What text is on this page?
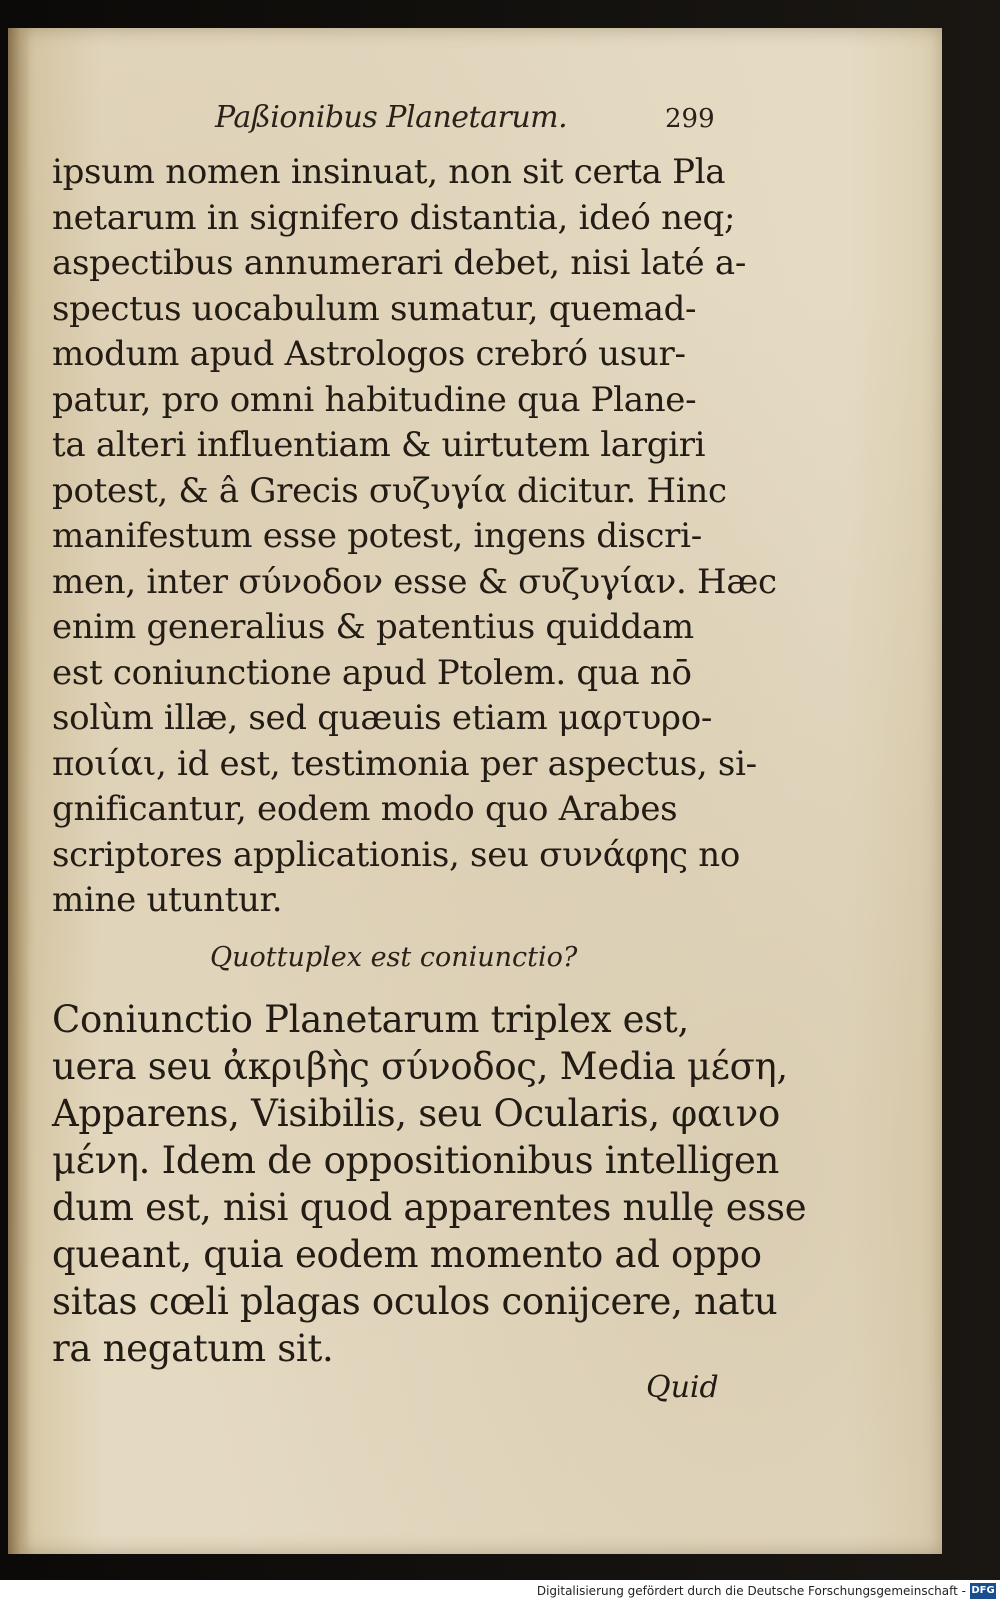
Paßionibus Planetarum.	299
ipsum nomen insinuat, non sit certa Pla
netarum in signifero distantia, ideó neq;
aspectibus annumerari debet, nisi laté a-
spectus uocabulum sumatur, quemad-
modum apud Astrologos crebró usur-
patur, pro omni habitudine qua Plane-
ta alteri influentiam & uirtutem largiri
potest, & â Grecis συζυγία dicitur. Hinc
manifestum esse potest, ingens discri-
men, inter σύνοδον esse & συζυγίαν. Hæc
enim generalius & patentius quiddam
est coniunctione apud Ptolem. qua nō
solùm illæ, sed quæuis etiam μαρτυρο-
ποιίαι, id est, testimonia per aspectus, si-
gnificantur, eodem modo quo Arabes
scriptores applicationis, seu συνάφης no
mine utuntur.
Quottuplex est coniunctio?
Coniunctio Planetarum triplex est,
uera seu ἀκριβὴς σύνοδος, Media μέση,
Apparens, Visibilis, seu Ocularis, φαινο
μένη. Idem de oppositionibus intelligen
dum est, nisi quod apparentes nullę esse
queant, quia eodem momento ad oppo
sitas cœli plagas oculos conijcere, natu
ra negatum sit.
Quid
Digitalisierung gefördert durch die Deutsche Forschungsgemeinschaft - DFG
